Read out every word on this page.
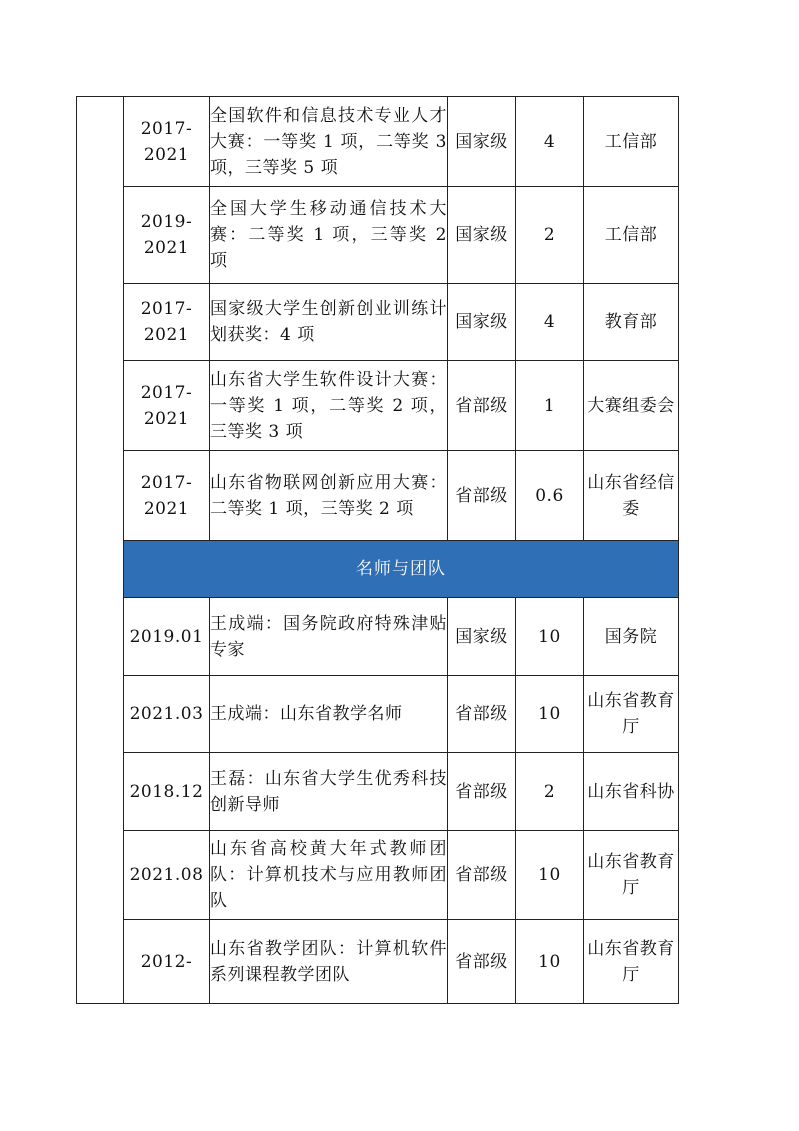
	2017-2021	全国软件和信息技术专业人才大赛：一等奖 1 项，二等奖 3 项，三等奖 5 项	国家级	4	工信部
	2019-2021	全国大学生移动通信技术大赛：二等奖 1 项，三等奖 2 项	国家级	2	工信部
	2017-2021	国家级大学生创新创业训练计划获奖：4 项	国家级	4	教育部
	2017-2021	山东省大学生软件设计大赛：一等奖 1 项，二等奖 2 项，三等奖 3 项	省部级	1	大赛组委会
	2017-2021	山东省物联网创新应用大赛：二等奖 1 项，三等奖 2 项	省部级	0.6	山东省经信委
	名师与团队				
	2019.01	王成端：国务院政府特殊津贴专家	国家级	10	国务院
	2021.03	王成端：山东省教学名师	省部级	10	山东省教育厅
	2018.12	王磊：山东省大学生优秀科技创新导师	省部级	2	山东省科协
	2021.08	山东省高校黄大年式教师团队：计算机技术与应用教师团队	省部级	10	山东省教育厅
	2012-	山东省教学团队：计算机软件系列课程教学团队	省部级	10	山东省教育厅
